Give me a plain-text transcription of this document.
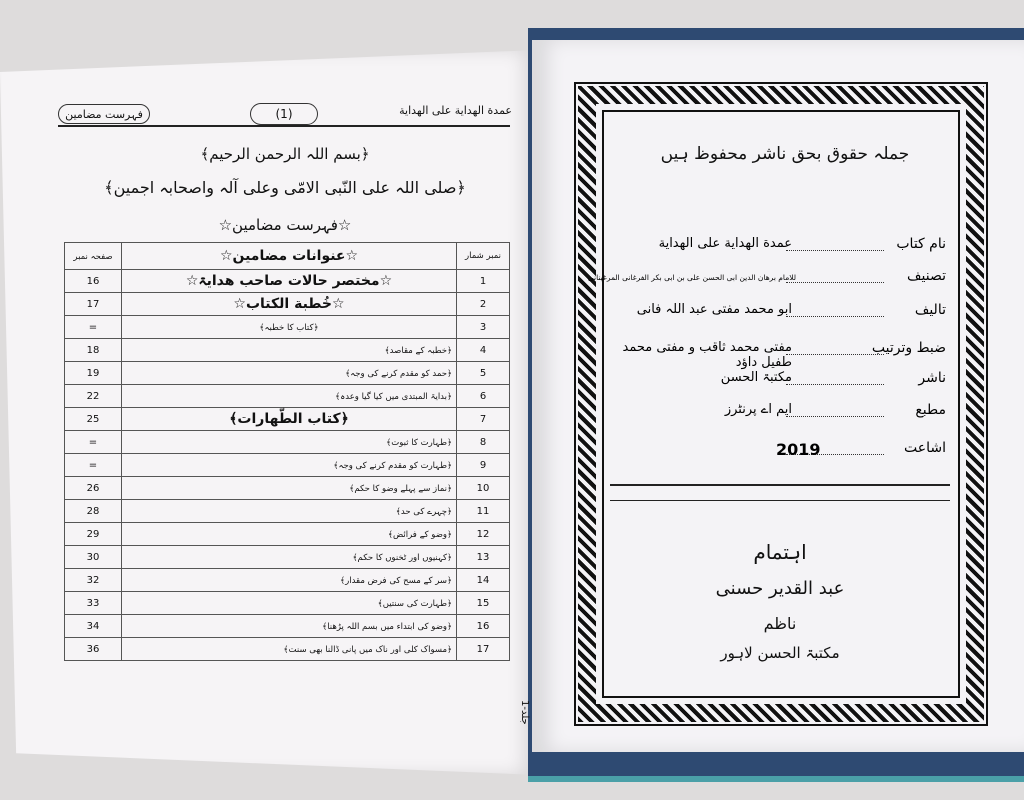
فہرست مضامین	(1)	عمدة الهداية على الهداية
﴿بسم اللہ الرحمن الرحیم﴾
﴿صلی اللہ علی النّبی الامّی وعلی آلہ واصحابہ اجمین﴾
☆فہرست مضامین☆
صفحہ نمبر	☆عنوانات مضامین☆	نمبر شمار
16	☆مختصر حالات صاحب ھدایۃ☆	1
17	☆خُطبة الكتاب☆	2
=	﴿کتاب کا خطبہ﴾	3
18	﴿خطبہ کے مقاصد﴾	4
19	﴿حمد کو مقدم کرنے کی وجہ﴾	5
22	﴿بدایۃ المبتدی میں کیا گیا وعدہ﴾	6
25	﴿كتاب الطّهارات﴾	7
=	﴿طہارت کا ثبوت﴾	8
=	﴿طہارت کو مقدم کرنے کی وجہ﴾	9
26	﴿نماز سے پہلے وضو کا حکم﴾	10
28	﴿چہرے کی حد﴾	11
29	﴿وضو کے فرائض﴾	12
30	﴿کہنیوں اور ٹخنوں کا حکم﴾	13
32	﴿سر کے مسح کی فرض مقدار﴾	14
33	﴿طہارت کی سنتیں﴾	15
34	﴿وضو کی ابتداء میں بسم اللہ پڑھنا﴾	16
36	﴿مسواک کلی اور ناک میں پانی ڈالنا بھی سنت﴾	17
جلد-1
جملہ حقوق بحق ناشر محفوظ ہیں
نام کتاب
عمدة الهداية على الهداية
تصنیف
للامام برھان الدین ابی الحسن علی بن ابی بکر الفرغانی المرغینانی
تالیف
ابو محمد مفتی عبد اللہ فانی
ضبط وترتیب
مفتی محمد ثاقب و مفتی محمد طفیل داؤد
ناشر
مکتبۃ الحسن
مطبع
ایم اے پرنٹرز
اشاعت
2019
اہتمام
عبد القدیر حسنی
ناظم
مکتبۃ الحسن لاہور
